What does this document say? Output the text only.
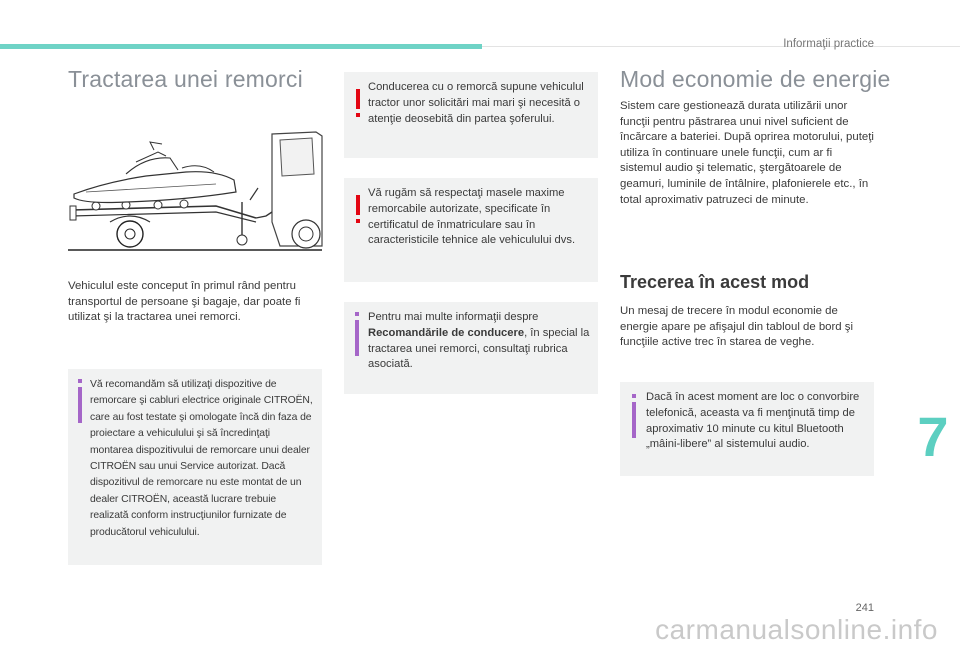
Informaţii practice
Tractarea unei remorci

Vehiculul este conceput în primul rând pentru transportul de persoane şi bagaje, dar poate fi utilizat şi la tractarea unei remorci.

Vă recomandăm să utilizaţi dispozitive de remorcare şi cabluri electrice originale CITROËN, care au fost testate şi omologate încă din faza de proiectare a vehiculului şi să încredinţaţi montarea dispozitivului de remorcare unui dealer CITROËN sau unui Service autorizat. Dacă dispozitivul de remorcare nu este montat de un dealer CITROËN, această lucrare trebuie realizată conform instrucţiunilor furnizate de producătorul vehiculului.

Conducerea cu o remorcă supune vehiculul tractor unor solicitări mai mari şi necesită o atenţie deosebită din partea şoferului.

Vă rugăm să respectaţi masele maxime remorcabile autorizate, specificate în certificatul de înmatriculare sau în caracteristicile tehnice ale vehiculului dvs.

Pentru mai multe informaţii despre Recomandările de conducere, în special la tractarea unei remorci, consultaţi rubrica asociată.

Mod economie de energie

Sistem care gestionează durata utilizării unor funcţii pentru păstrarea unui nivel suficient de încărcare a bateriei. După oprirea motorului, puteţi utiliza în continuare unele funcţii, cum ar fi sistemul audio şi telematic, ştergătoarele de geamuri, luminile de întâlnire, plafonierele etc., în total aproximativ patruzeci de minute.

Trecerea în acest mod

Un mesaj de trecere în modul economie de energie apare pe afişajul din tabloul de bord şi funcţiile active trec în starea de veghe.

Dacă în acest moment are loc o convorbire telefonică, aceasta va fi menţinută timp de aproximativ 10 minute cu kitul Bluetooth „mâini-libere” al sistemului audio.	7
241
carmanualsonline.info
